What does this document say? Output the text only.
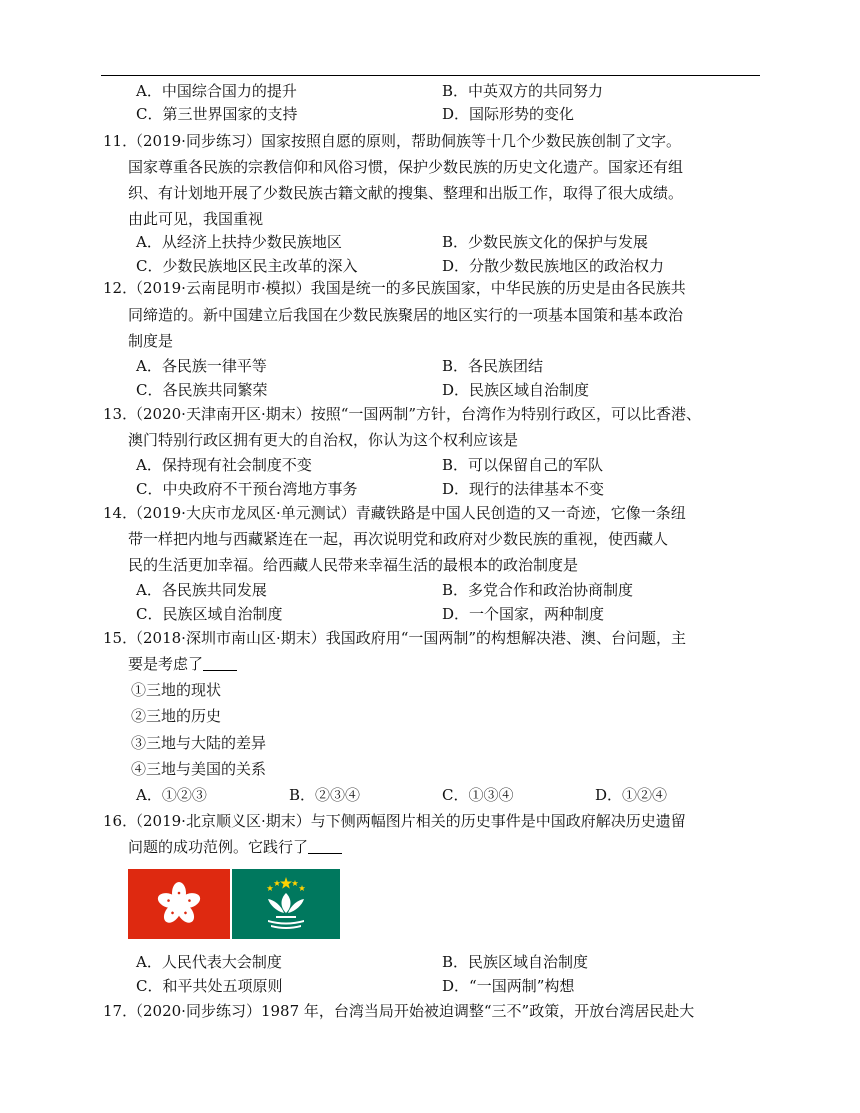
A．中国综合国力的提升	B．中英双方的共同努力
C．第三世界国家的支持	D．国际形势的变化
11．
（2019·同步练习）国家按照自愿的原则，帮助侗族等十几个少数民族创制了文字。
国家尊重各民族的宗教信仰和风俗习惯，保护少数民族的历史文化遗产。国家还有组
织、有计划地开展了少数民族古籍文献的搜集、整理和出版工作，取得了很大成绩。
由此可见，我国重视
A．从经济上扶持少数民族地区	B．少数民族文化的保护与发展
C．少数民族地区民主改革的深入	D．分散少数民族地区的政治权力
12．
（2019·云南昆明市·模拟）我国是统一的多民族国家，中华民族的历史是由各民族共
同缔造的。新中国建立后我国在少数民族聚居的地区实行的一项基本国策和基本政治
制度是
A．各民族一律平等	B．各民族团结
C．各民族共同繁荣	D．民族区域自治制度
13．
（2020·天津南开区·期末）按照“一国两制”方针，台湾作为特别行政区，可以比香港、
澳门特别行政区拥有更大的自治权，你认为这个权利应该是
A．保持现有社会制度不变	B．可以保留自己的军队
C．中央政府不干预台湾地方事务	D．现行的法律基本不变
14．
（2019·大庆市龙凤区·单元测试）青藏铁路是中国人民创造的又一奇迹，它像一条纽
带一样把内地与西藏紧连在一起，再次说明党和政府对少数民族的重视，使西藏人
民的生活更加幸福。给西藏人民带来幸福生活的最根本的政治制度是
A．各民族共同发展	B．多党合作和政治协商制度
C．民族区域自治制度	D．一个国家，两种制度
15．
（2018·深圳市南山区·期末）我国政府用“一国两制”的构想解决港、澳、台问题，主
要是考虑了
①三地的现状
②三地的历史
③三地与大陆的差异
④三地与美国的关系
A．①②③	B．②③④	C．①③④	D．①②④
16．
（2019·北京顺义区·期末）与下侧两幅图片相关的历史事件是中国政府解决历史遗留
问题的成功范例。它践行了
A．人民代表大会制度	B．民族区域自治制度
C．和平共处五项原则	D．“一国两制”构想
17．
（2020·同步练习）1987 年，台湾当局开始被迫调整“三不”政策，开放台湾居民赴大
